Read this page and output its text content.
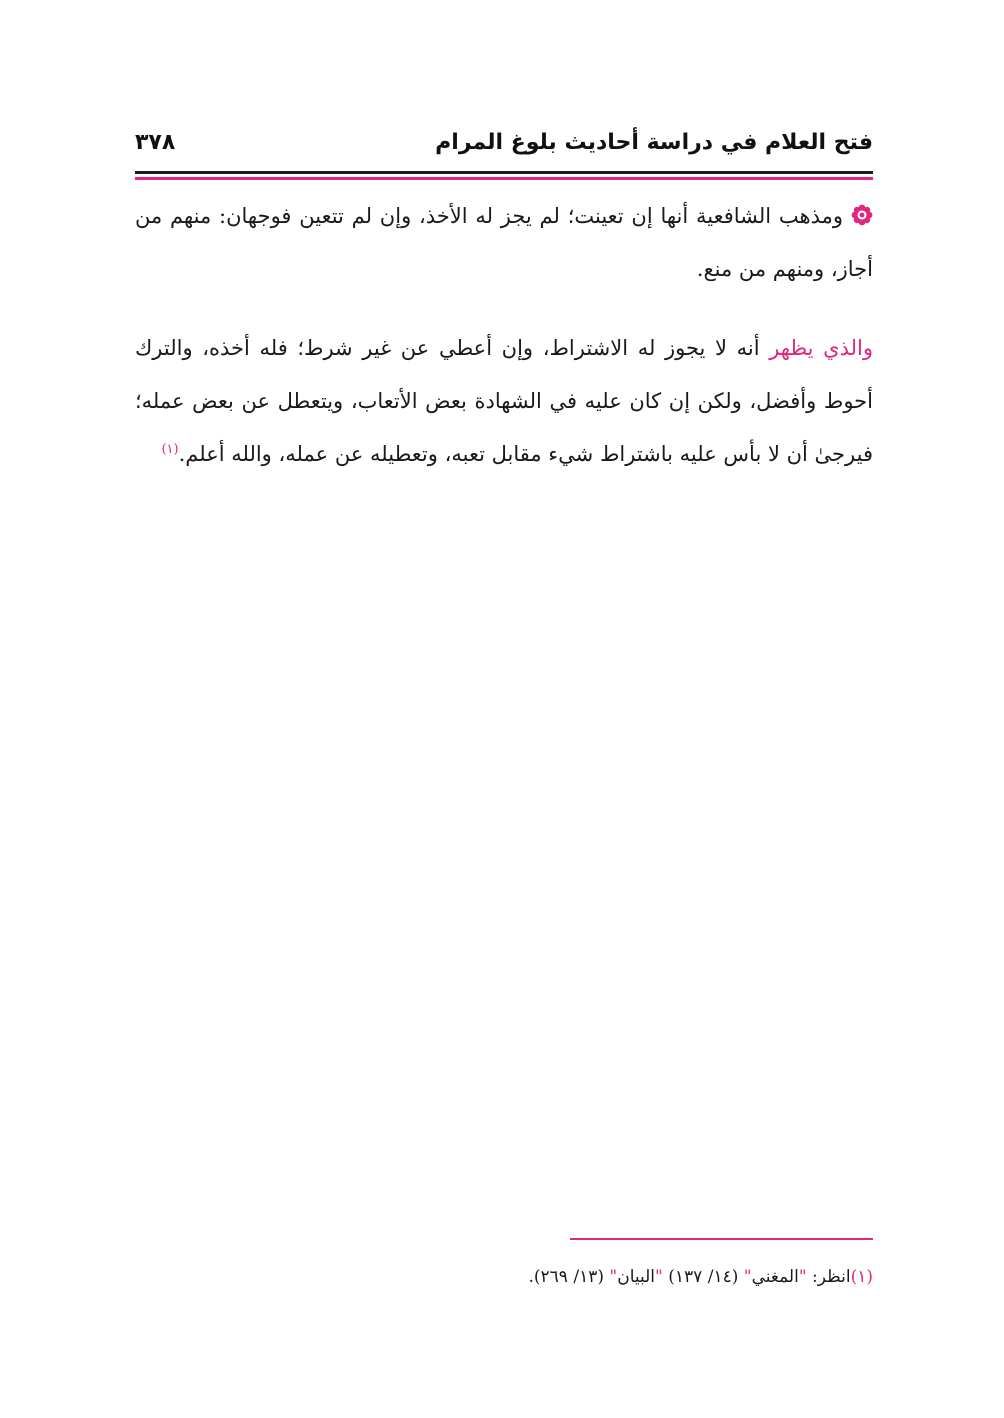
فتح العلام في دراسة أحاديث بلوغ المرام
٣٧٨
ومذهب الشافعية أنها إن تعينت؛ لم يجز له الأخذ، وإن لم تتعين فوجهان: منهم من أجاز، ومنهم من منع.
والذي يظهر أنه لا يجوز له الاشتراط، وإن أعطي عن غير شرط؛ فله أخذه، والترك أحوط وأفضل، ولكن إن كان عليه في الشهادة بعض الأتعاب، ويتعطل عن بعض عمله؛ فيرجىٰ أن لا بأس عليه باشتراط شيء مقابل تعبه، وتعطيله عن عمله، والله أعلم.$^{(١)}$
(١)انظر: "المغني" (١٤/ ١٣٧) "البيان" (١٣/ ٢٦٩).
